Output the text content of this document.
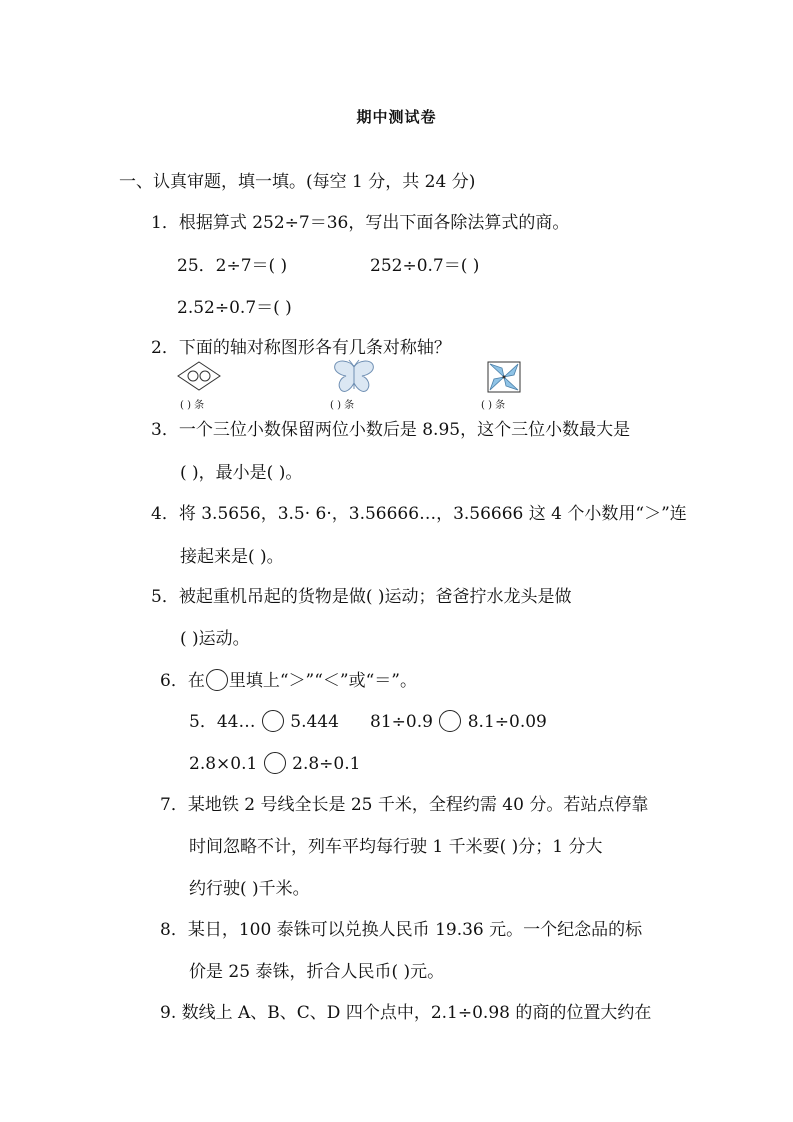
期中测试卷
一、认真审题，填一填。(每空 1 分，共 24 分)
1．根据算式 252÷7＝36，写出下面各除法算式的商。
25．2÷7＝( )	252÷0.7＝( )
2.52÷0.7＝( )
2．下面的轴对称图形各有几条对称轴？
( ) 条	( ) 条	( ) 条
3．一个三位小数保留两位小数后是 8.95，这个三位小数最大是
( )，最小是( )。
4．将 3.5656，3.5· 6·，3.56666…，3.56666 这 4 个小数用“＞”连
接起来是( )。
5．被起重机吊起的货物是做( )运动；爸爸拧水龙头是做
( )运动。
6．在 里填上“＞”“＜”或“＝”。
5．44… 5.444 81÷0.9 8.1÷0.09
2.8×0.1 2.8÷0.1
7．某地铁 2 号线全长是 25 千米，全程约需 40 分。若站点停靠
时间忽略不计，列车平均每行驶 1 千米要( )分；1 分大
约行驶( )千米。
8．某日，100 泰铢可以兑换人民币 19.36 元。一个纪念品的标
价是 25 泰铢，折合人民币( )元。
9. 数线上 A、B、C、D 四个点中，2.1÷0.98 的商的位置大约在
